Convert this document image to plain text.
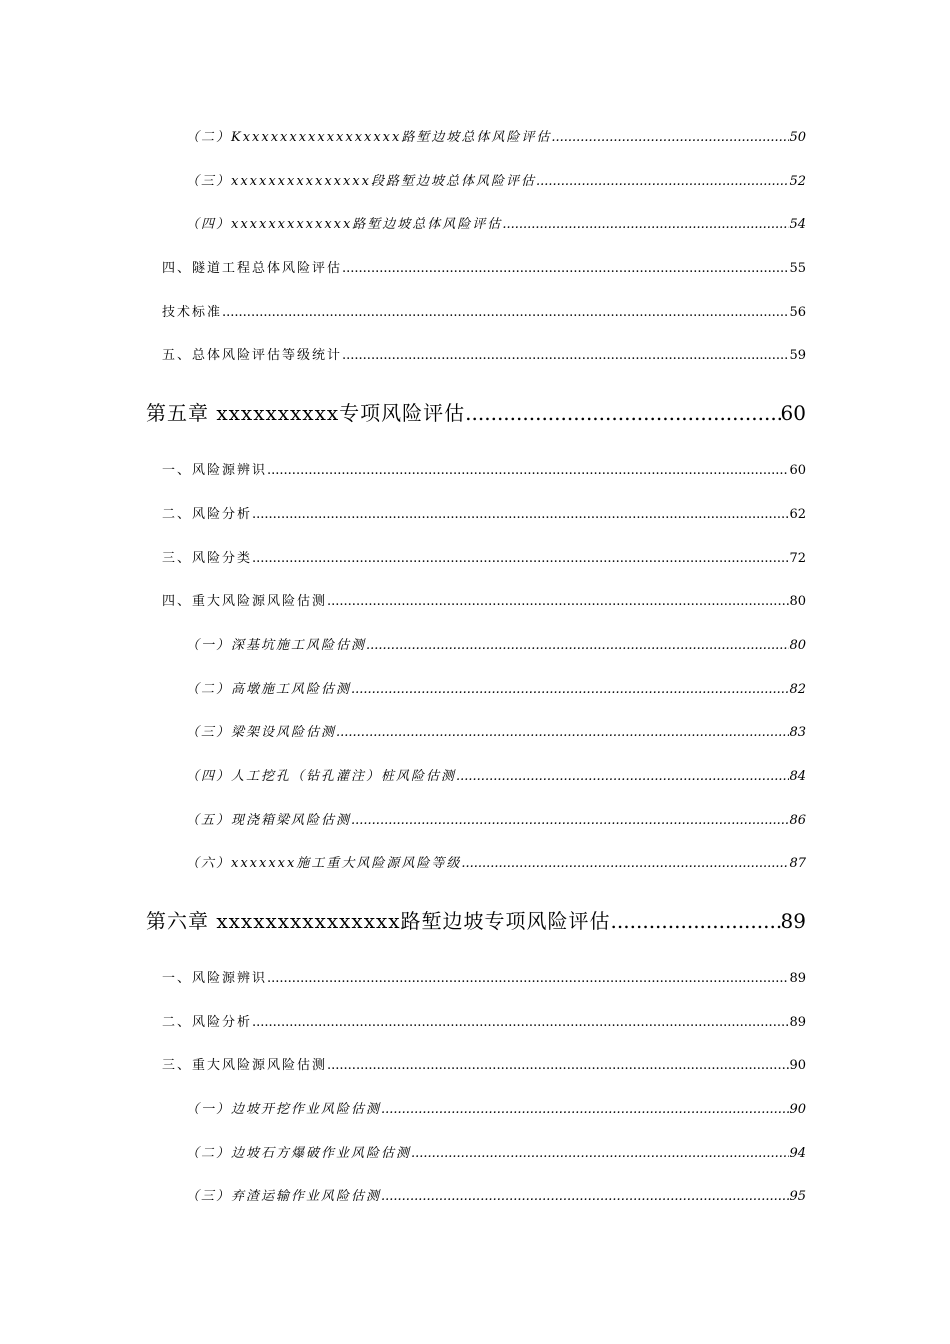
（二）Kxxxxxxxxxxxxxxxxx路堑边坡总体风险评估 .....	50
（三）xxxxxxxxxxxxxxx段路堑边坡总体风险评估 .....	52
（四）xxxxxxxxxxxxx路堑边坡总体风险评估 .....	54
四、隧道工程总体风险评估 .....	55
技术标准 .....	56
五、总体风险评估等级统计 .....	59
第五章 xxxxxxxxxx专项风险评估 .....	60
一、风险源辨识 .....	60
二、风险分析 .....	62
三、风险分类 .....	72
四、重大风险源风险估测 .....	80
（一）深基坑施工风险估测 .....	80
（二）高墩施工风险估测 .....	82
（三）梁架设风险估测 .....	83
（四）人工挖孔（钻孔灌注）桩风险估测 .....	84
（五）现浇箱梁风险估测 .....	86
（六）xxxxxxx施工重大风险源风险等级 .....	87
第六章 xxxxxxxxxxxxxxx路堑边坡专项风险评估 .....	89
一、风险源辨识 .....	89
二、风险分析 .....	89
三、重大风险源风险估测 .....	90
（一）边坡开挖作业风险估测 .....	90
（二）边坡石方爆破作业风险估测 .....	94
（三）弃渣运输作业风险估测 .....	95
